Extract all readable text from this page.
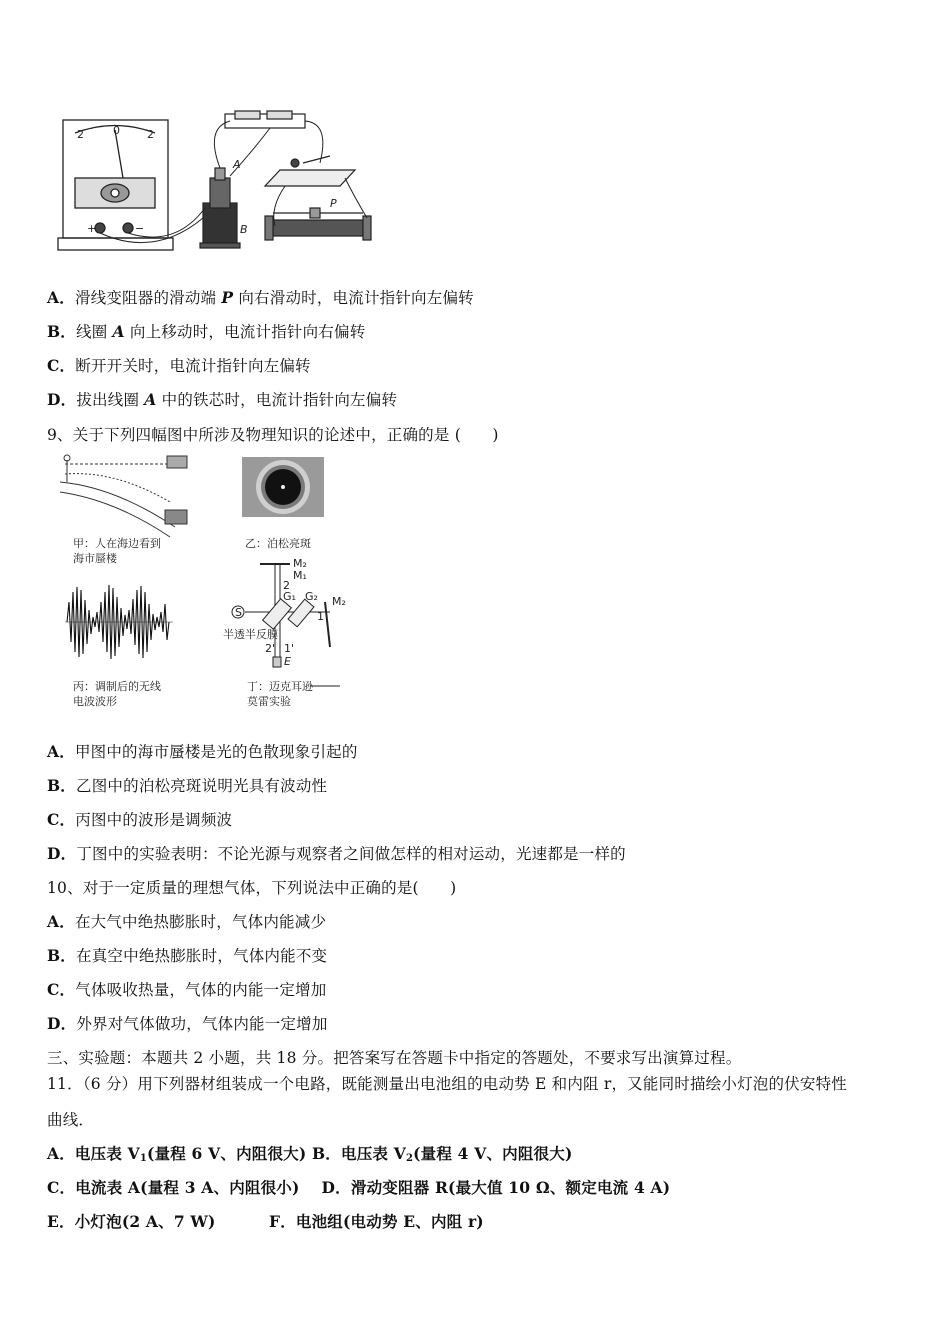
2	0 2
+	−
A
B
P
A．滑线变阻器的滑动端 P 向右滑动时，电流计指针向左偏转
B．线圈 A 向上移动时，电流计指针向右偏转
C．断开开关时，电流计指针向左偏转
D．拔出线圈 A 中的铁芯时，电流计指针向左偏转
9、关于下列四幅图中所涉及物理知识的论述中，正确的是 (　　)
甲：人在海边看到
海市蜃楼
乙：泊松亮斑
丙：调制后的无线
电波波形
M₂
M₁
M₂
G₁ G₂
S
2
1
2' 1'
E
半透半反膜
丁：迈克耳逊
莫雷实验
A．甲图中的海市蜃楼是光的色散现象引起的
B．乙图中的泊松亮斑说明光具有波动性
C．丙图中的波形是调频波
D．丁图中的实验表明：不论光源与观察者之间做怎样的相对运动，光速都是一样的
10、对于一定质量的理想气体，下列说法中正确的是(　　)
A．在大气中绝热膨胀时，气体内能减少
B．在真空中绝热膨胀时，气体内能不变
C．气体吸收热量，气体的内能一定增加
D．外界对气体做功，气体内能一定增加
三、实验题：本题共 2 小题，共 18 分。把答案写在答题卡中指定的答题处，不要求写出演算过程。
11．（6 分）用下列器材组装成一个电路，既能测量出电池组的电动势 E 和内阻 r，又能同时描绘小灯泡的伏安特性
曲线．
A．电压表 $V_1$(量程 6 V、内阻很大) B．电压表 $V_2$(量程 4 V、内阻很大)
C．电流表 A(量程 3 A、内阻很小) D．滑动变阻器 R(最大值 10 Ω、额定电流 4 A)
E．小灯泡(2 A、7 W)	F．电池组(电动势 E、内阻 r)
